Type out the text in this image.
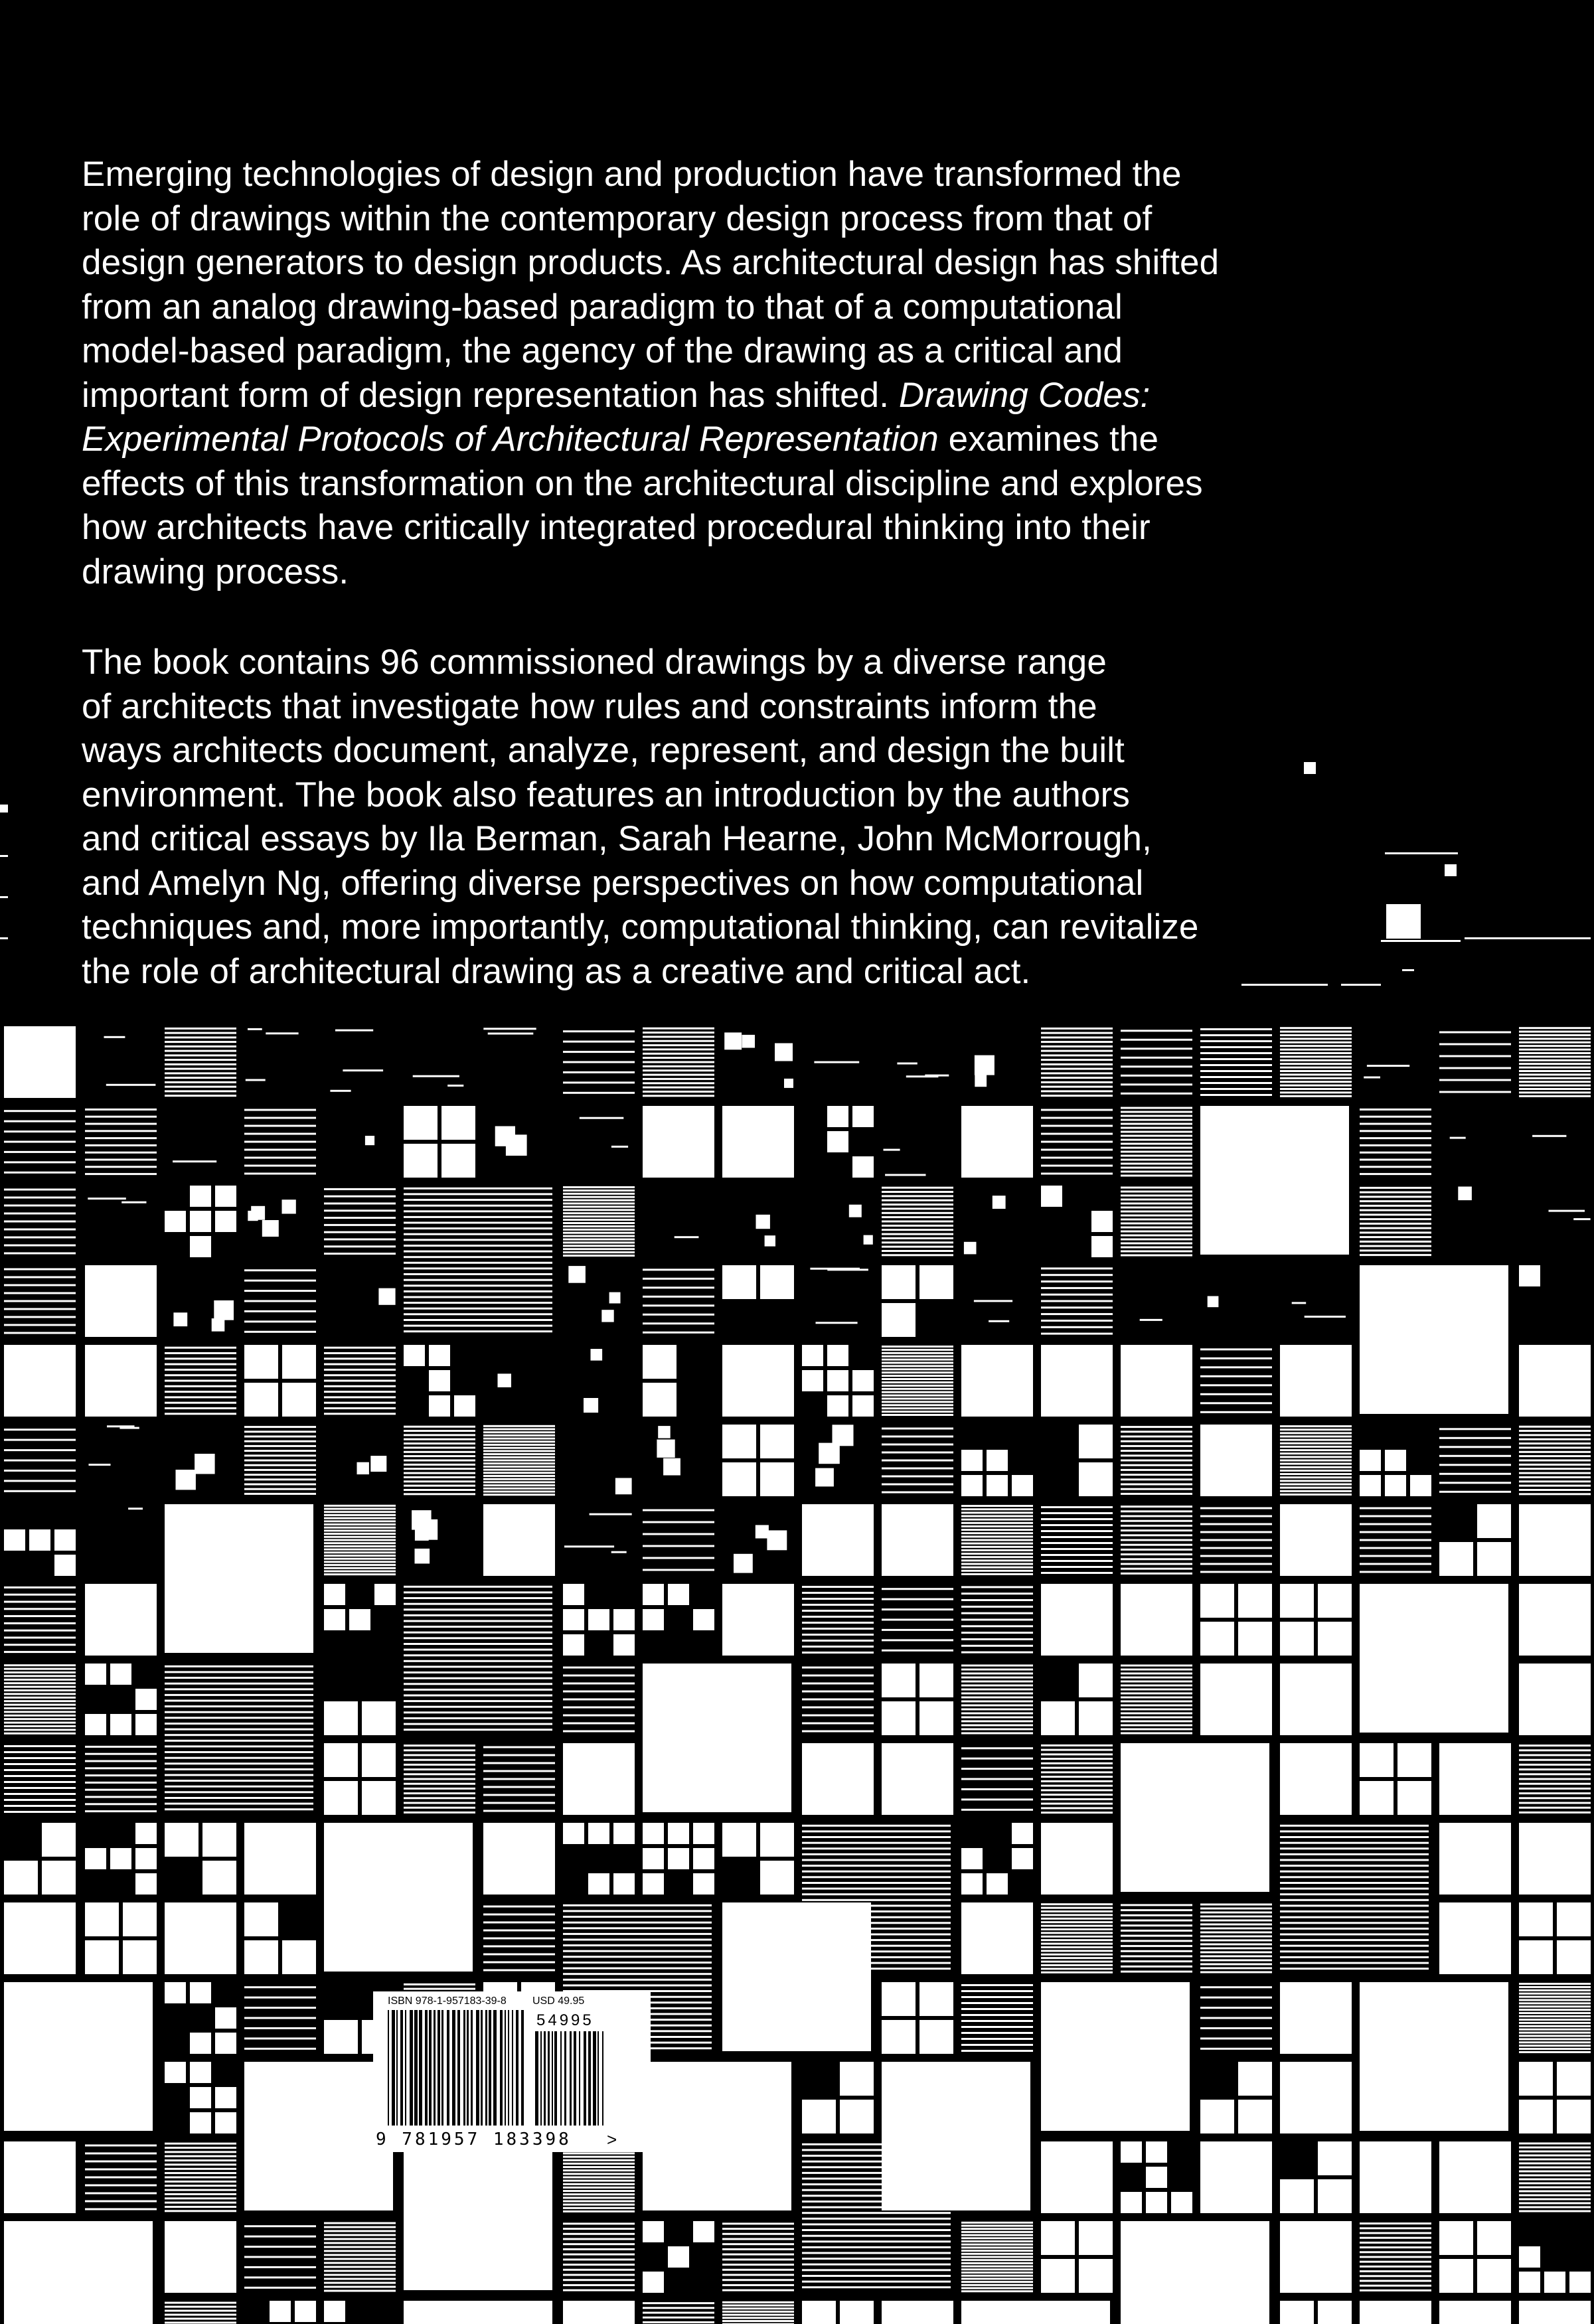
Emerging technologies of design and production have transformed the
role of drawings within the contemporary design process from that of
design generators to design products. As architectural design has shifted
from an analog drawing-based paradigm to that of a computational
model-based paradigm, the agency of the drawing as a critical and
important form of design representation has shifted. Drawing Codes:
Experimental Protocols of Architectural Representation examines the
effects of this transformation on the architectural discipline and explores
how architects have critically integrated procedural thinking into their
drawing process.
The book contains 96 commissioned drawings by a diverse range
of architects that investigate how rules and constraints inform the
ways architects document, analyze, represent, and design the built
environment. The book also features an introduction by the authors
and critical essays by Ila Berman, Sarah Hearne, John McMorrough,
and Amelyn Ng, offering diverse perspectives on how computational
techniques and, more importantly, computational thinking, can revitalize
the role of architectural drawing as a creative and critical act.
ISBN 978-1-957183-39-8 USD 49.95
54995
9 781957 183398 >
